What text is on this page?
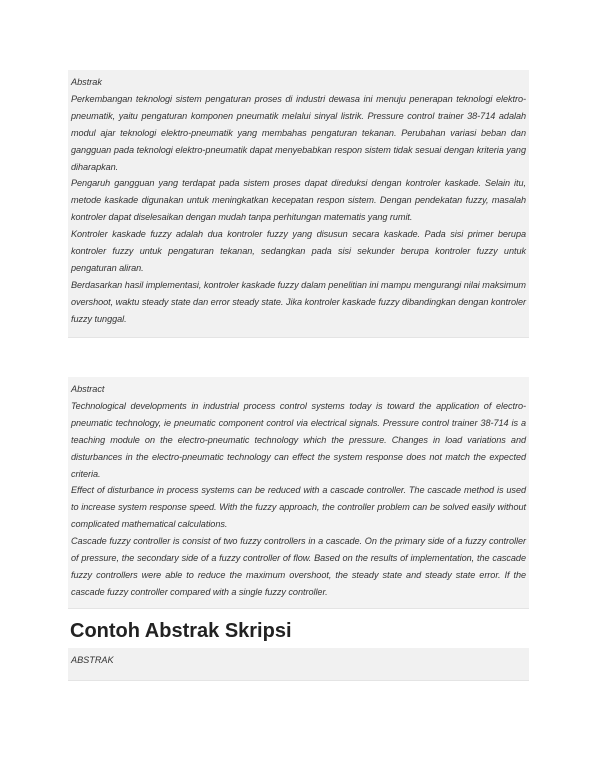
Abstrak

Perkembangan teknologi sistem pengaturan proses di industri dewasa ini menuju penerapan teknologi elektro-pneumatik, yaitu pengaturan komponen pneumatik melalui sinyal listrik. Pressure control trainer 38-714 adalah modul ajar teknologi elektro-pneumatik yang membahas pengaturan tekanan. Perubahan variasi beban dan gangguan pada teknologi elektro-pneumatik dapat menyebabkan respon sistem tidak sesuai dengan kriteria yang diharapkan.

Pengaruh gangguan yang terdapat pada sistem proses dapat direduksi dengan kontroler kaskade. Selain itu, metode kaskade digunakan untuk meningkatkan kecepatan respon sistem. Dengan pendekatan fuzzy, masalah kontroler dapat diselesaikan dengan mudah tanpa perhitungan matematis yang rumit.

Kontroler kaskade fuzzy adalah dua kontroler fuzzy yang disusun secara kaskade. Pada sisi primer berupa kontroler fuzzy untuk pengaturan tekanan, sedangkan pada sisi sekunder berupa kontroler fuzzy untuk pengaturan aliran.

Berdasarkan hasil implementasi, kontroler kaskade fuzzy dalam penelitian ini mampu mengurangi nilai maksimum overshoot, waktu steady state dan error steady state. Jika kontroler kaskade fuzzy dibandingkan dengan kontroler fuzzy tunggal.

Abstract

Technological developments in industrial process control systems today is toward the application of electro-pneumatic technology, ie pneumatic component control via electrical signals. Pressure control trainer 38-714 is a teaching module on the electro-pneumatic technology which the pressure. Changes in load variations and disturbances in the electro-pneumatic technology can effect the system response does not match the expected criteria.

Effect of disturbance in process systems can be reduced with a cascade controller. The cascade method is used to increase system response speed. With the fuzzy approach, the controller problem can be solved easily without complicated mathematical calculations.

Cascade fuzzy controller is consist of two fuzzy controllers in a cascade. On the primary side of a fuzzy controller of pressure, the secondary side of a fuzzy controller of flow. Based on the results of implementation, the cascade fuzzy controllers were able to reduce the maximum overshoot, the steady state and steady state error. If the cascade fuzzy controller compared with a single fuzzy controller.

Contoh Abstrak Skripsi

ABSTRAK
